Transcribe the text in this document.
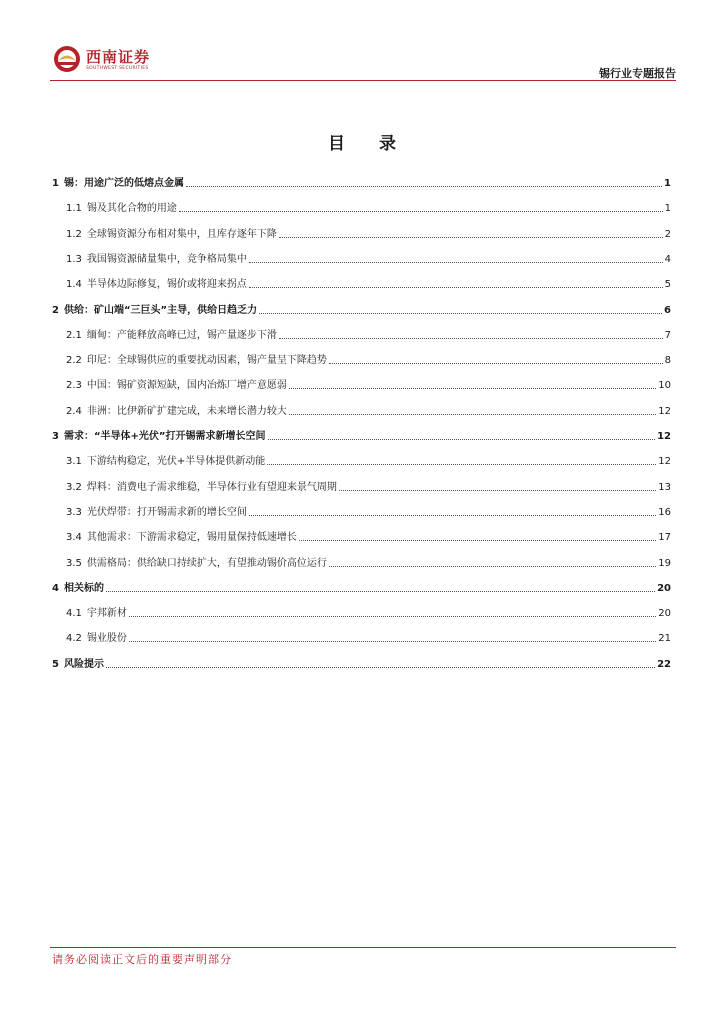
西南证券
SOUTHWEST SECURITIES	锡行业专题报告
目 录
1 锡：用途广泛的低熔点金属	1
1.1 锡及其化合物的用途	1
1.2 全球锡资源分布相对集中，且库存逐年下降	2
1.3 我国锡资源储量集中，竞争格局集中	4
1.4 半导体边际修复，锡价或将迎来拐点	5
2 供给：矿山端“三巨头”主导，供给日趋乏力	6
2.1 缅甸：产能释放高峰已过，锡产量逐步下滑	7
2.2 印尼：全球锡供应的重要扰动因素，锡产量呈下降趋势	8
2.3 中国：锡矿资源短缺，国内冶炼厂增产意愿弱	10
2.4 非洲：比伊新矿扩建完成，未来增长潜力较大	12
3 需求：“半导体+光伏”打开锡需求新增长空间	12
3.1 下游结构稳定，光伏+半导体提供新动能	12
3.2 焊料：消费电子需求维稳，半导体行业有望迎来景气周期	13
3.3 光伏焊带：打开锡需求新的增长空间	16
3.4 其他需求：下游需求稳定，锡用量保持低速增长	17
3.5 供需格局：供给缺口持续扩大，有望推动锡价高位运行	19
4 相关标的	20
4.1 宇邦新材	20
4.2 锡业股份	21
5 风险提示	22
请务必阅读正文后的重要声明部分
